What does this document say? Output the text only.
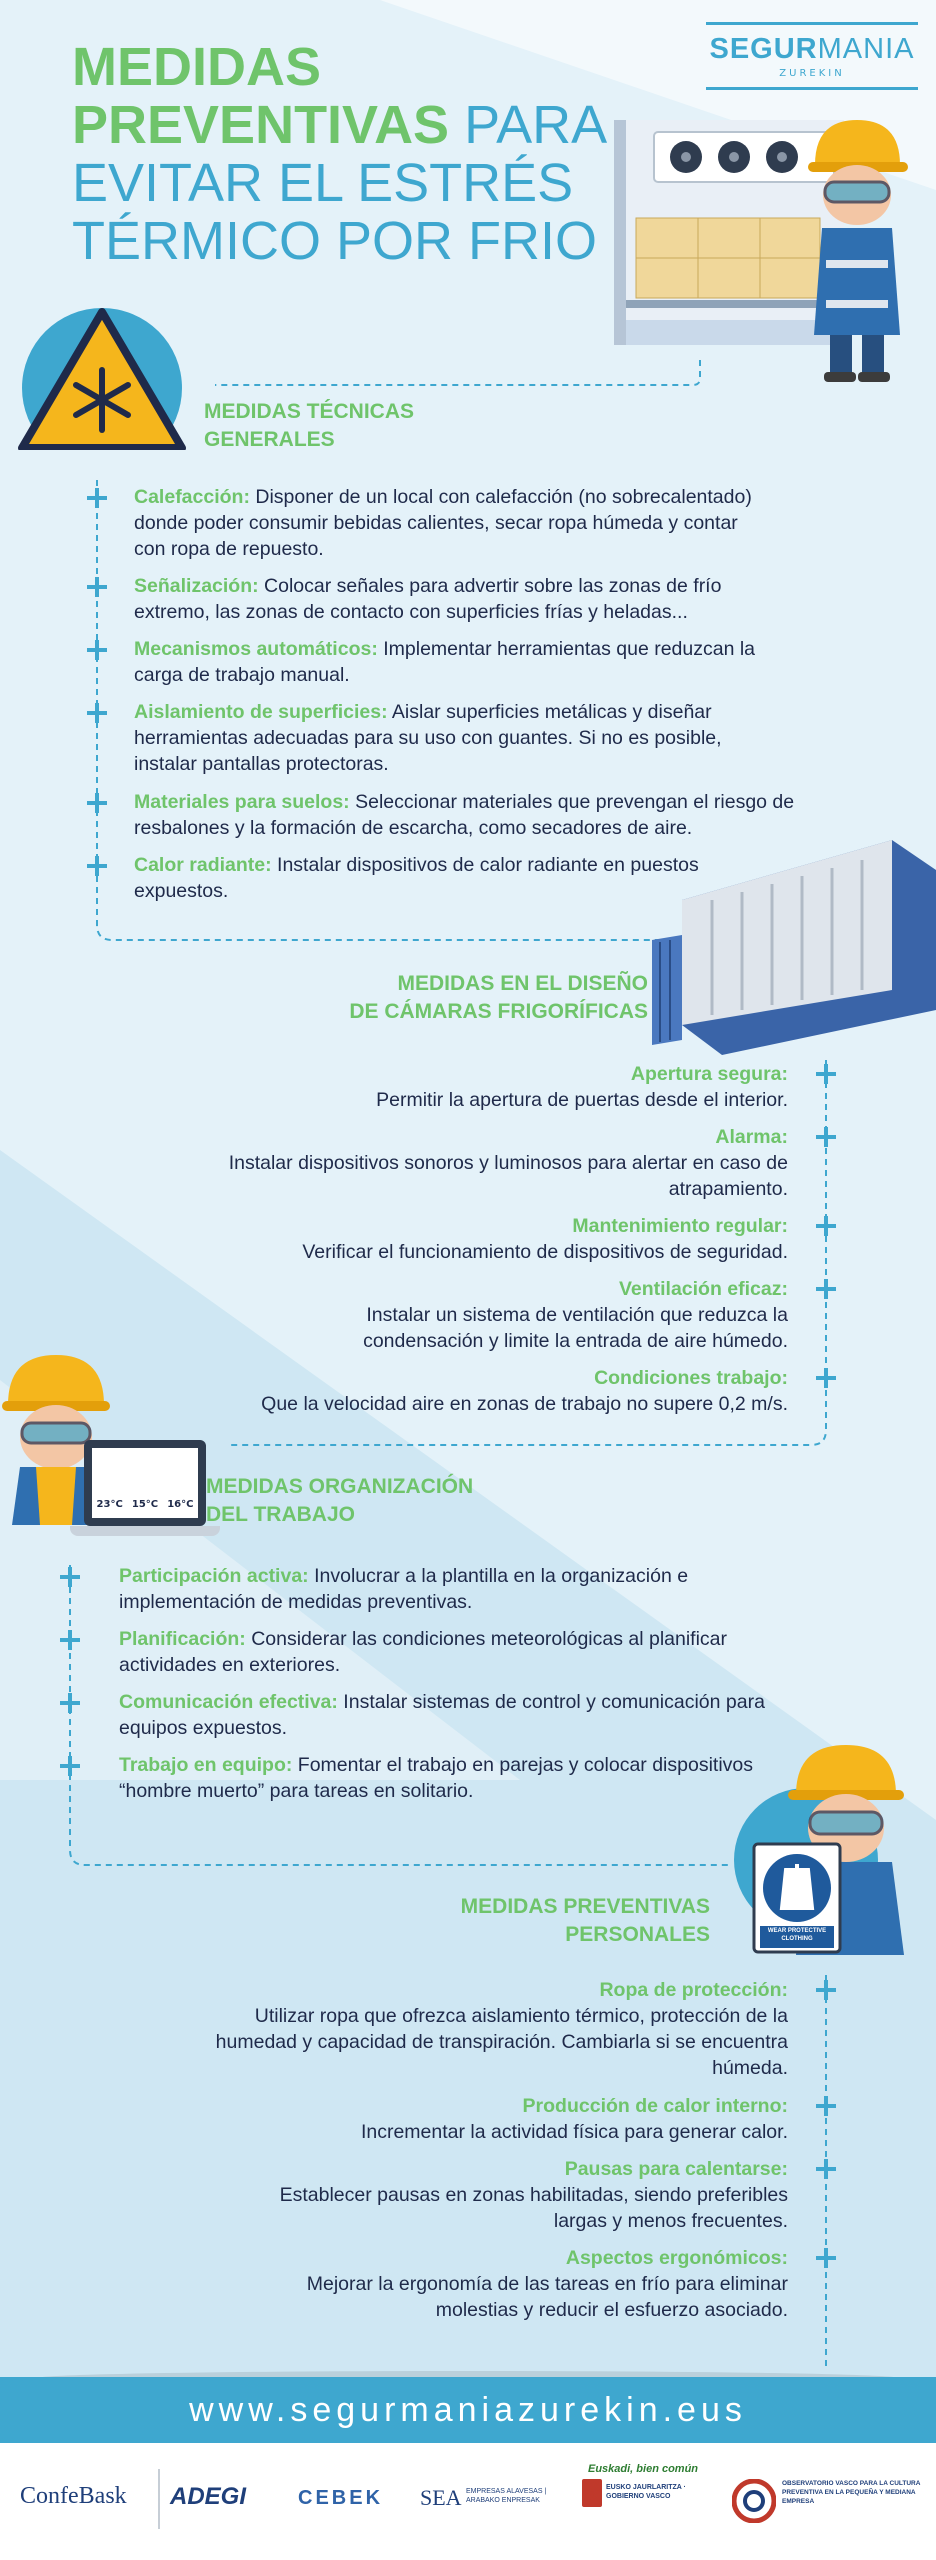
MEDIDAS
PREVENTIVAS PARA
EVITAR EL ESTRÉS
TÉRMICO POR FRIO
SEGURMANIA
ZUREKIN
MEDIDAS TÉCNICAS
GENERALES
Calefacción: Disponer de un local con calefacción (no sobrecalentado) donde poder consumir bebidas calientes, secar ropa húmeda y contar con ropa de repuesto.
Señalización: Colocar señales para advertir sobre las zonas de frío extremo, las zonas de contacto con superficies frías y heladas...
Mecanismos automáticos: Implementar herramientas que reduzcan la carga de trabajo manual.
Aislamiento de superficies: Aislar superficies metálicas y diseñar herramientas adecuadas para su uso con guantes. Si no es posible, instalar pantallas protectoras.
Materiales para suelos: Seleccionar materiales que prevengan el riesgo de resbalones y la formación de escarcha, como secadores de aire.
Calor radiante: Instalar dispositivos de calor radiante en puestos expuestos.
MEDIDAS EN EL DISEÑO
DE CÁMARAS FRIGORÍFICAS
Apertura segura:
Permitir la apertura de puertas desde el interior.
Alarma:
Instalar dispositivos sonoros y luminosos para alertar en caso de atrapamiento.
Mantenimiento regular:
Verificar el funcionamiento de dispositivos de seguridad.
Ventilación eficaz:
Instalar un sistema de ventilación que reduzca la condensación y limite la entrada de aire húmedo.
Condiciones trabajo:
Que la velocidad aire en zonas de trabajo no supere 0,2 m/s.
23°C 15°C 16°C
MEDIDAS ORGANIZACIÓN
DEL TRABAJO
Participación activa: Involucrar a la plantilla en la organización e implementación de medidas preventivas.
Planificación: Considerar las condiciones meteorológicas al planificar actividades en exteriores.
Comunicación efectiva: Instalar sistemas de control y comunicación para equipos expuestos.
Trabajo en equipo: Fomentar el trabajo en parejas y colocar dispositivos “hombre muerto” para tareas en solitario.
WEAR PROTECTIVE CLOTHING
MEDIDAS PREVENTIVAS
PERSONALES
Ropa de protección:
Utilizar ropa que ofrezca aislamiento térmico, protección de la humedad y capacidad de transpiración. Cambiarla si se encuentra húmeda.
Producción de calor interno:
Incrementar la actividad física para generar calor.
Pausas para calentarse:
Establecer pausas en zonas habilitadas, siendo preferibles largas y menos frecuentes.
Aspectos ergonómicos:
Mejorar la ergonomía de las tareas en frío para eliminar molestias y reducir el esfuerzo asociado.
www.segurmaniazurekin.eus
ConfeBask ADEGI	CEBEK SEA EMPRESAS ALAVESAS | ARABAKO ENPRESAK
Euskadi, bien común
EUSKO JAURLARITZA · GOBIERNO VASCO
OBSERVATORIO VASCO PARA LA CULTURA PREVENTIVA EN LA PEQUEÑA Y MEDIANA EMPRESA
